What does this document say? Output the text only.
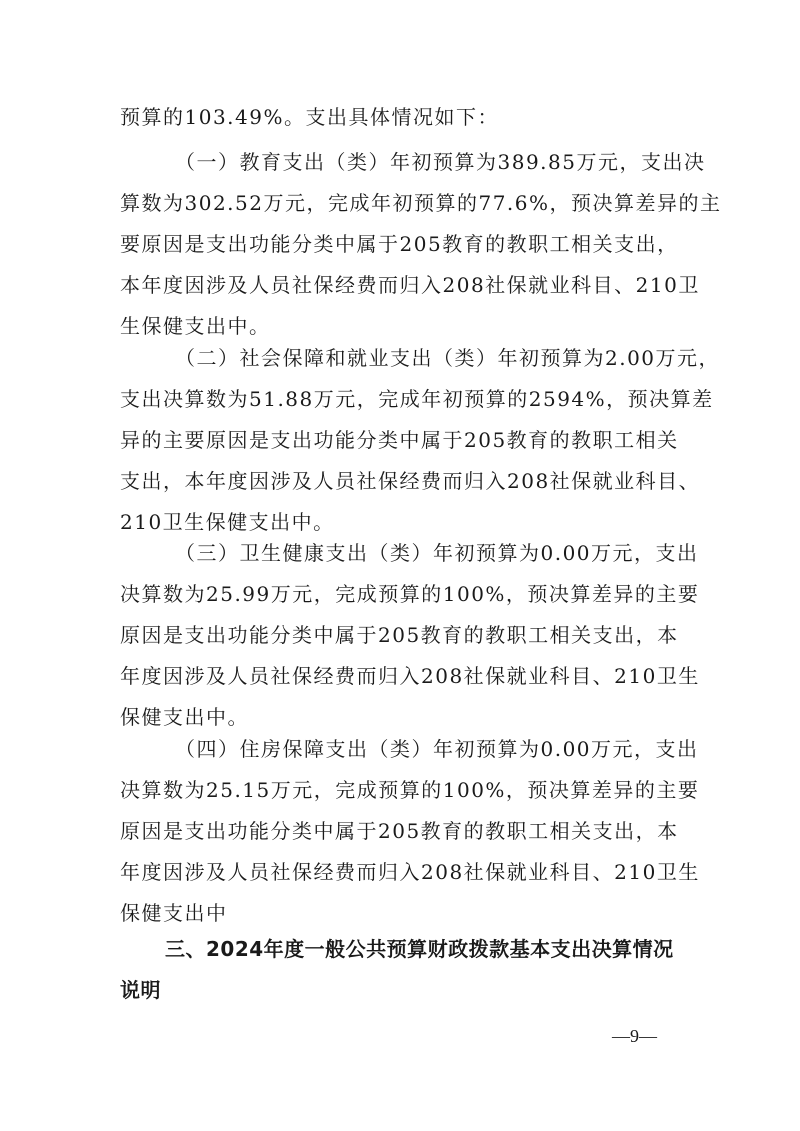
预算的103.49%。支出具体情况如下：
（一）教育支出（类）年初预算为389.85万元，支出决
算数为302.52万元，完成年初预算的77.6%，预决算差异的主
要原因是支出功能分类中属于205教育的教职工相关支出，
本年度因涉及人员社保经费而归入208社保就业科目、210卫
生保健支出中。
（二）社会保障和就业支出（类）年初预算为2.00万元，
支出决算数为51.88万元，完成年初预算的2594%，预决算差
异的主要原因是支出功能分类中属于205教育的教职工相关
支出，本年度因涉及人员社保经费而归入208社保就业科目、
210卫生保健支出中。
（三）卫生健康支出（类）年初预算为0.00万元，支出
决算数为25.99万元，完成预算的100%，预决算差异的主要
原因是支出功能分类中属于205教育的教职工相关支出，本
年度因涉及人员社保经费而归入208社保就业科目、210卫生
保健支出中。
（四）住房保障支出（类）年初预算为0.00万元，支出
决算数为25.15万元，完成预算的100%，预决算差异的主要
原因是支出功能分类中属于205教育的教职工相关支出，本
年度因涉及人员社保经费而归入208社保就业科目、210卫生
保健支出中
三、2024年度一般公共预算财政拨款基本支出决算情况
说明
—9—
